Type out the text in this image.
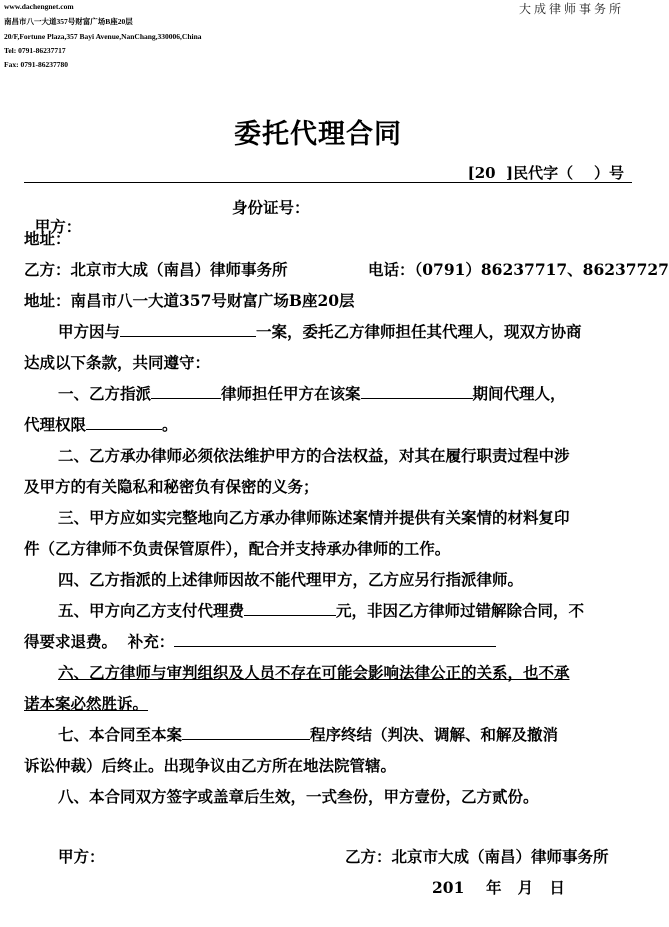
www.dachengnet.com
南昌市八一大道357号财富广场B座20层
20/F,Fortune Plaza,357 Bayi Avenue,NanChang,330006,China
Tel: 0791-86237717
Fax: 0791-86237780
大成律师事务所
委托代理合同
[20  ]民代字（    ）号

甲方：

身份证号：
地址：
乙方：北京市大成（南昌）律师事务所	电话：（0791）86237717、86237727
地址：南昌市八一大道357号财富广场B座20层
甲方因与	一案，委托乙方律师担任其代理人，现双方协商
达成以下条款，共同遵守：
一、乙方指派	律师担任甲方在该案	期间代理人，
代理权限	。
二、乙方承办律师必须依法维护甲方的合法权益，对其在履行职责过程中涉
及甲方的有关隐私和秘密负有保密的义务；
三、甲方应如实完整地向乙方承办律师陈述案情并提供有关案情的材料复印
件（乙方律师不负责保管原件），配合并支持承办律师的工作。
四、乙方指派的上述律师因故不能代理甲方，乙方应另行指派律师。
五、甲方向乙方支付代理费	元，非因乙方律师过错解除合同，不
得要求退费。  补充：
六、乙方律师与审判组织及人员不存在可能会影响法律公正的关系，也不承
诺本案必然胜诉。
七、本合同至本案	程序终结（判决、调解、和解及撤消
诉讼仲裁）后终止。出现争议由乙方所在地法院管辖。
八、本合同双方签字或盖章后生效，一式叁份，甲方壹份，乙方贰份。
甲方：	乙方：北京市大成（南昌）律师事务所
201    年   月   日
